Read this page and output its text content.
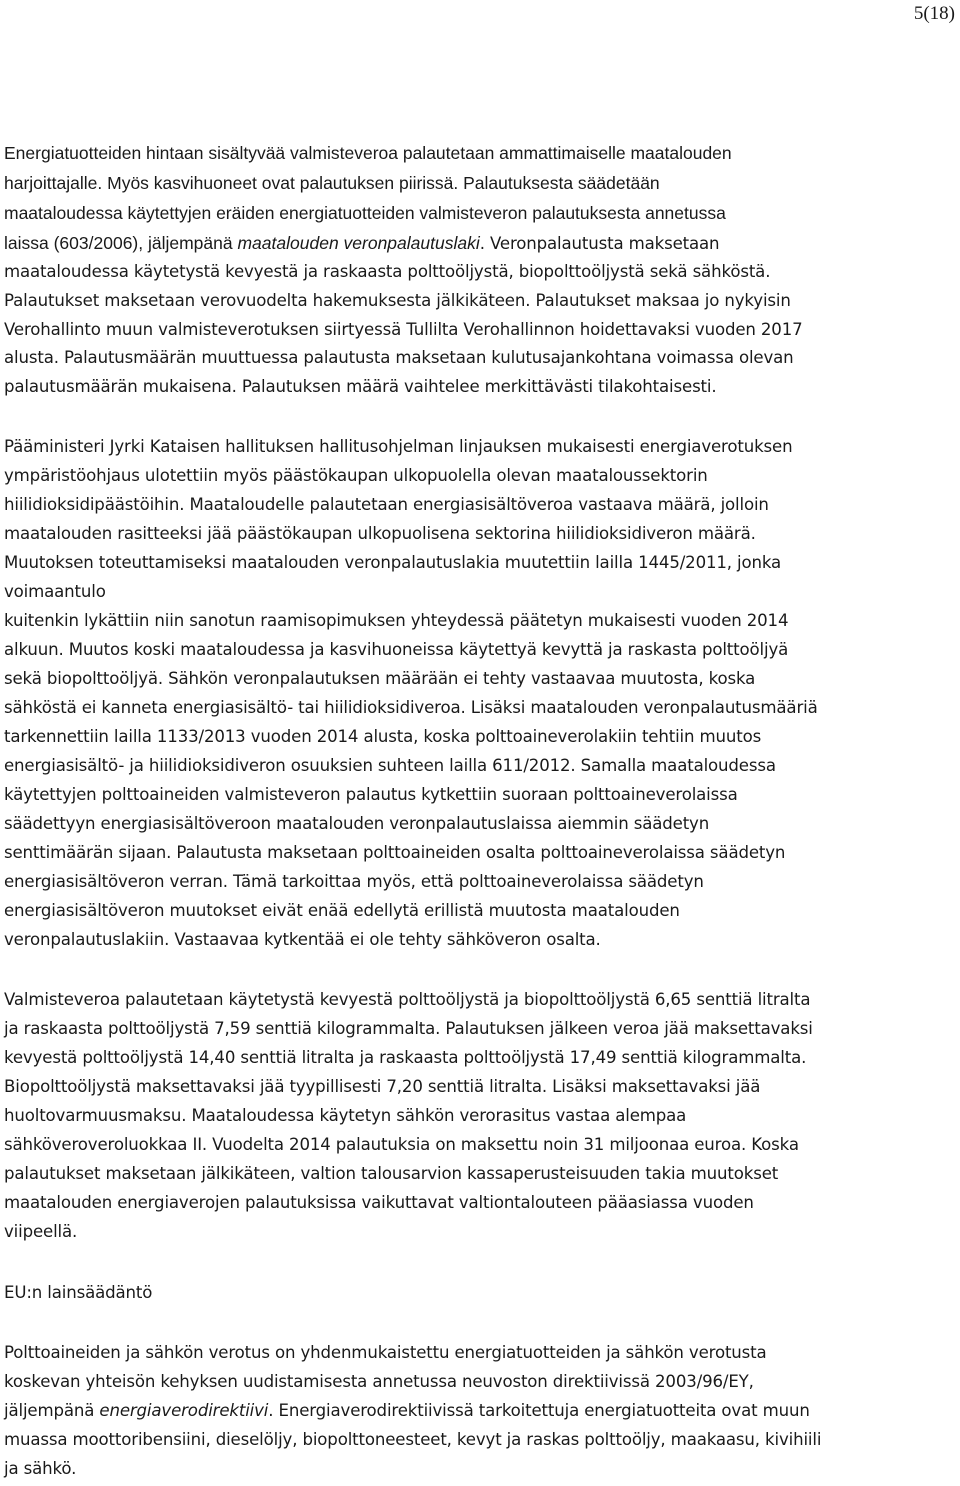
5(18)
Energiatuotteiden hintaan sisältyvää valmisteveroa palautetaan ammattimaiselle maatalouden
harjoittajalle. Myös kasvihuoneet ovat palautuksen piirissä. Palautuksesta säädetään
maataloudessa käytettyjen eräiden energiatuotteiden valmisteveron palautuksesta annetussa
laissa (603/2006), jäljempänä maatalouden veronpalautuslaki. Veronpalautusta maksetaan
maataloudessa käytetystä kevyestä ja raskaasta polttoöljystä, biopolttoöljystä sekä sähköstä.
Palautukset maksetaan verovuodelta hakemuksesta jälkikäteen. Palautukset maksaa jo nykyisin
Verohallinto muun valmisteverotuksen siirtyessä Tullilta Verohallinnon hoidettavaksi vuoden 2017
alusta. Palautusmäärän muuttuessa palautusta maksetaan kulutusajankohtana voimassa olevan
palautusmäärän mukaisena. Palautuksen määrä vaihtelee merkittävästi tilakohtaisesti.
Pääministeri Jyrki Kataisen hallituksen hallitusohjelman linjauksen mukaisesti energiaverotuksen
ympäristöohjaus ulotettiin myös päästökaupan ulkopuolella olevan maataloussektorin
hiilidioksidipäästöihin. Maataloudelle palautetaan energiasisältöveroa vastaava määrä, jolloin
maatalouden rasitteeksi jää päästökaupan ulkopuolisena sektorina hiilidioksidiveron määrä.
Muutoksen toteuttamiseksi maatalouden veronpalautuslakia muutettiin lailla 1445/2011, jonka
voimaantulo
kuitenkin lykättiin niin sanotun raamisopimuksen yhteydessä päätetyn mukaisesti vuoden 2014
alkuun. Muutos koski maataloudessa ja kasvihuoneissa käytettyä kevyttä ja raskasta polttoöljyä
sekä biopolttoöljyä. Sähkön veronpalautuksen määrään ei tehty vastaavaa muutosta, koska
sähköstä ei kanneta energiasisältö- tai hiilidioksidiveroa. Lisäksi maatalouden veronpalautusmääriä
tarkennettiin lailla 1133/2013 vuoden 2014 alusta, koska polttoaineverolakiin tehtiin muutos
energiasisältö- ja hiilidioksidiveron osuuksien suhteen lailla 611/2012. Samalla maataloudessa
käytettyjen polttoaineiden valmisteveron palautus kytkettiin suoraan polttoaineverolaissa
säädettyyn energiasisältöveroon maatalouden veronpalautuslaissa aiemmin säädetyn
senttimäärän sijaan. Palautusta maksetaan polttoaineiden osalta polttoaineverolaissa säädetyn
energiasisältöveron verran. Tämä tarkoittaa myös, että polttoaineverolaissa säädetyn
energiasisältöveron muutokset eivät enää edellytä erillistä muutosta maatalouden
veronpalautuslakiin. Vastaavaa kytkentää ei ole tehty sähköveron osalta.
Valmisteveroa palautetaan käytetystä kevyestä polttoöljystä ja biopolttoöljystä 6,65 senttiä litralta
ja raskaasta polttoöljystä 7,59 senttiä kilogrammalta. Palautuksen jälkeen veroa jää maksettavaksi
kevyestä polttoöljystä 14,40 senttiä litralta ja raskaasta polttoöljystä 17,49 senttiä kilogrammalta.
Biopolttoöljystä maksettavaksi jää tyypillisesti 7,20 senttiä litralta. Lisäksi maksettavaksi jää
huoltovarmuusmaksu. Maataloudessa käytetyn sähkön verorasitus vastaa alempaa
sähköveroveroluokkaa II. Vuodelta 2014 palautuksia on maksettu noin 31 miljoonaa euroa. Koska
palautukset maksetaan jälkikäteen, valtion talousarvion kassaperusteisuuden takia muutokset
maatalouden energiaverojen palautuksissa vaikuttavat valtiontalouteen pääasiassa vuoden
viipeellä.
EU:n lainsäädäntö
Polttoaineiden ja sähkön verotus on yhdenmukaistettu energiatuotteiden ja sähkön verotusta
koskevan yhteisön kehyksen uudistamisesta annetussa neuvoston direktiivissä 2003/96/EY,
jäljempänä energiaverodirektiivi. Energiaverodirektiivissä tarkoitettuja energiatuotteita ovat muun
muassa moottoribensiini, dieselöljy, biopolttoneesteet, kevyt ja raskas polttoöljy, maakaasu, kivihiili
ja sähkö.
